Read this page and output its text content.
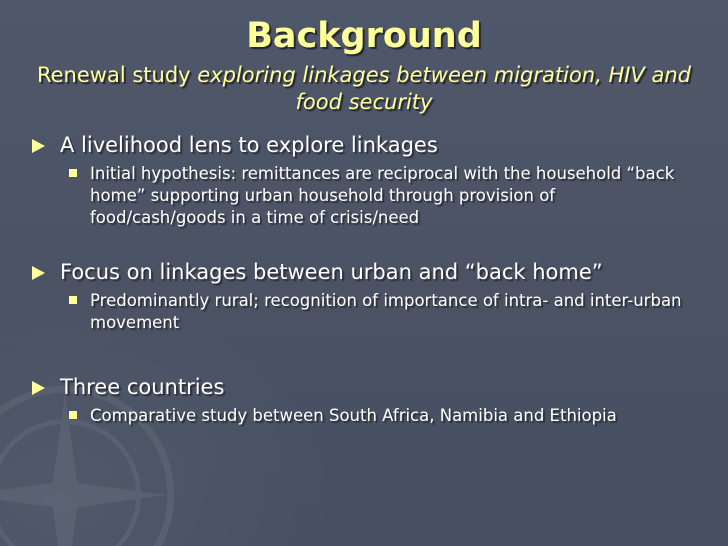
Background

Renewal study exploring linkages between migration, HIV and food security

A livelihood lens to explore linkages

Initial hypothesis: remittances are reciprocal with the household “back home” supporting urban household through provision of food/cash/goods in a time of crisis/need

Focus on linkages between urban and “back home”

Predominantly rural; recognition of importance of intra- and inter-urban movement

Three countries

Comparative study between South Africa, Namibia and Ethiopia
